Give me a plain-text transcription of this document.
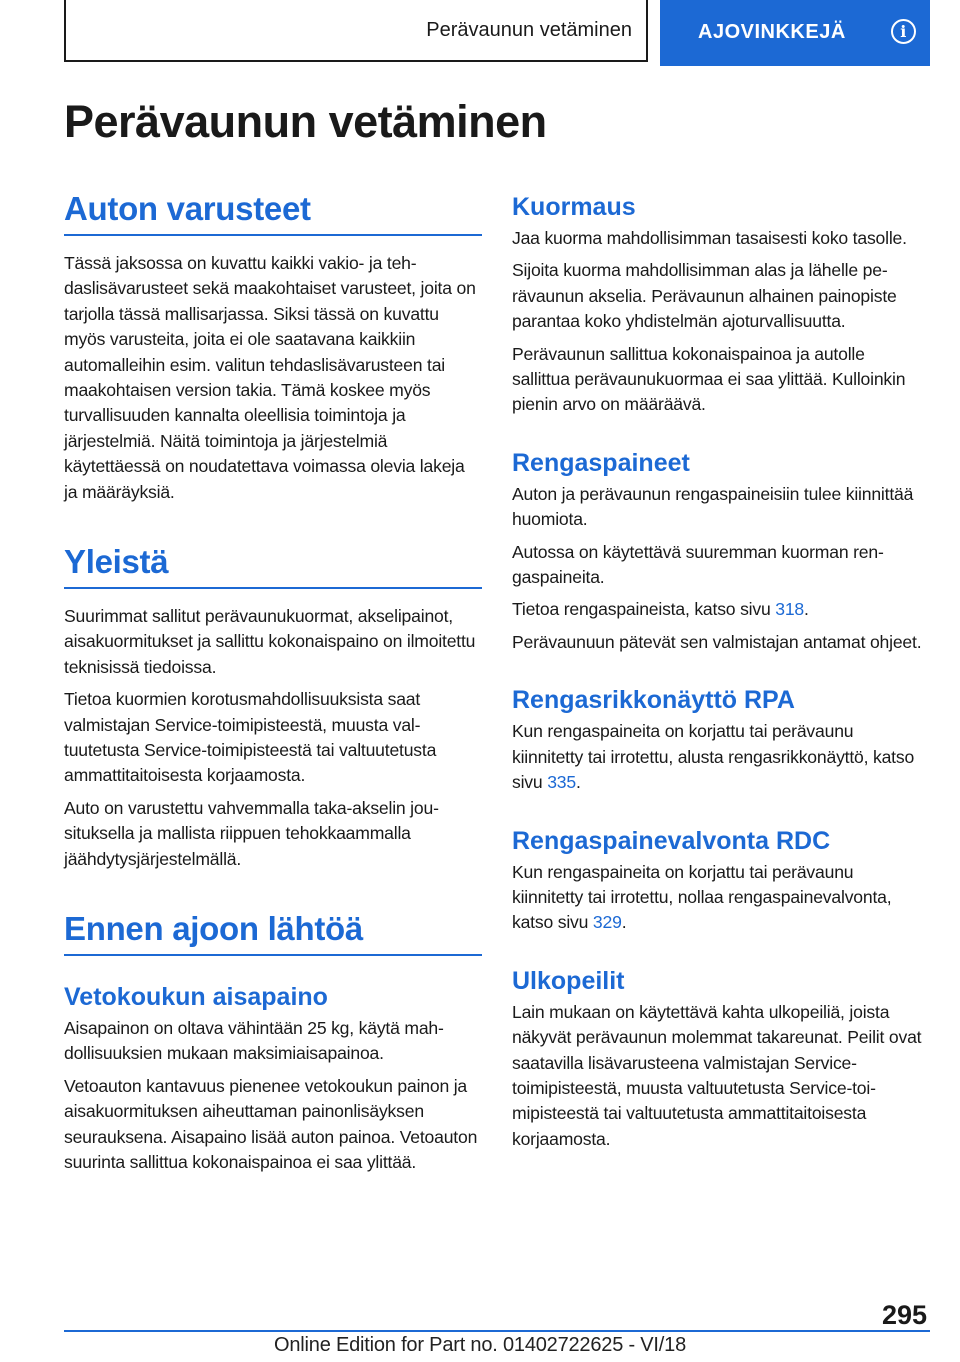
Perävaunun vetäminen	AJOVINKKEJÄ	i
Perävaunun vetäminen
Auton varusteet

Tässä jaksossa on kuvattu kaikki vakio- ja tehdaslisävarusteet sekä maakohtaiset varusteet, joita on tarjolla tässä mallisarjassa. Siksi tässä on kuvattu myös varusteita, joita ei ole saatavana kaikkiin automalleihin esim. valitun tehdaslisävarusteen tai maakohtaisen version takia. Tämä koskee myös turvallisuuden kannalta oleellisia toimintoja ja järjestelmiä. Näitä toimintoja ja järjestelmiä käytettäessä on noudatettava voimassa olevia lakeja ja määräyksiä.

Yleistä

Suurimmat sallitut perävaunukuormat, akselipainot, aisakuormitukset ja sallittu kokonaispaino on ilmoitettu teknisissä tiedoissa.

Tietoa kuormien korotusmahdollisuuksista saat valmistajan Service-toimipisteestä, muusta valtuutetusta Service-toimipisteestä tai valtuutetusta ammattitaitoisesta korjaamosta.

Auto on varustettu vahvemmalla taka-akselin jousituksella ja mallista riippuen tehokkaammalla jäähdytysjärjestelmällä.

Ennen ajoon lähtöä
Vetokoukun aisapaino

Aisapainon on oltava vähintään 25 kg, käytä mahdollisuuksien mukaan maksimiaisapainoa.

Vetoauton kantavuus pienenee vetokoukun painon ja aisakuormituksen aiheuttaman painonlisäyksen seurauksena. Aisapaino lisää auton painoa. Vetoauton suurinta sallittua kokonaispainoa ei saa ylittää.

Kuormaus

Jaa kuorma mahdollisimman tasaisesti koko tasolle.

Sijoita kuorma mahdollisimman alas ja lähelle perävaunun akselia. Perävaunun alhainen painopiste parantaa koko yhdistelmän ajoturvallisuutta.

Perävaunun sallittua kokonaispainoa ja autolle sallittua perävaunukuormaa ei saa ylittää. Kulloinkin pienin arvo on määräävä.

Rengaspaineet

Auton ja perävaunun rengaspaineisiin tulee kiinnittää huomiota.

Autossa on käytettävä suuremman kuorman rengaspaineita.

Tietoa rengaspaineista, katso sivu 318.

Perävaunuun pätevät sen valmistajan antamat ohjeet.

Rengasrikkonäyttö RPA

Kun rengaspaineita on korjattu tai perävaunu kiinnitetty tai irrotettu, alusta rengasrikkonäyttö, katso sivu 335.

Rengaspainevalvonta RDC

Kun rengaspaineita on korjattu tai perävaunu kiinnitetty tai irrotettu, nollaa rengaspainevalvonta, katso sivu 329.

Ulkopeilit

Lain mukaan on käytettävä kahta ulkopeiliä, joista näkyvät perävaunun molemmat takareunat. Peilit ovat saatavilla lisävarusteena valmistajan Service-toimipisteestä, muusta valtuutetusta Service-toimipisteestä tai valtuutetusta ammattitaitoisesta korjaamosta.

295
Online Edition for Part no. 01402722625 - VI/18
